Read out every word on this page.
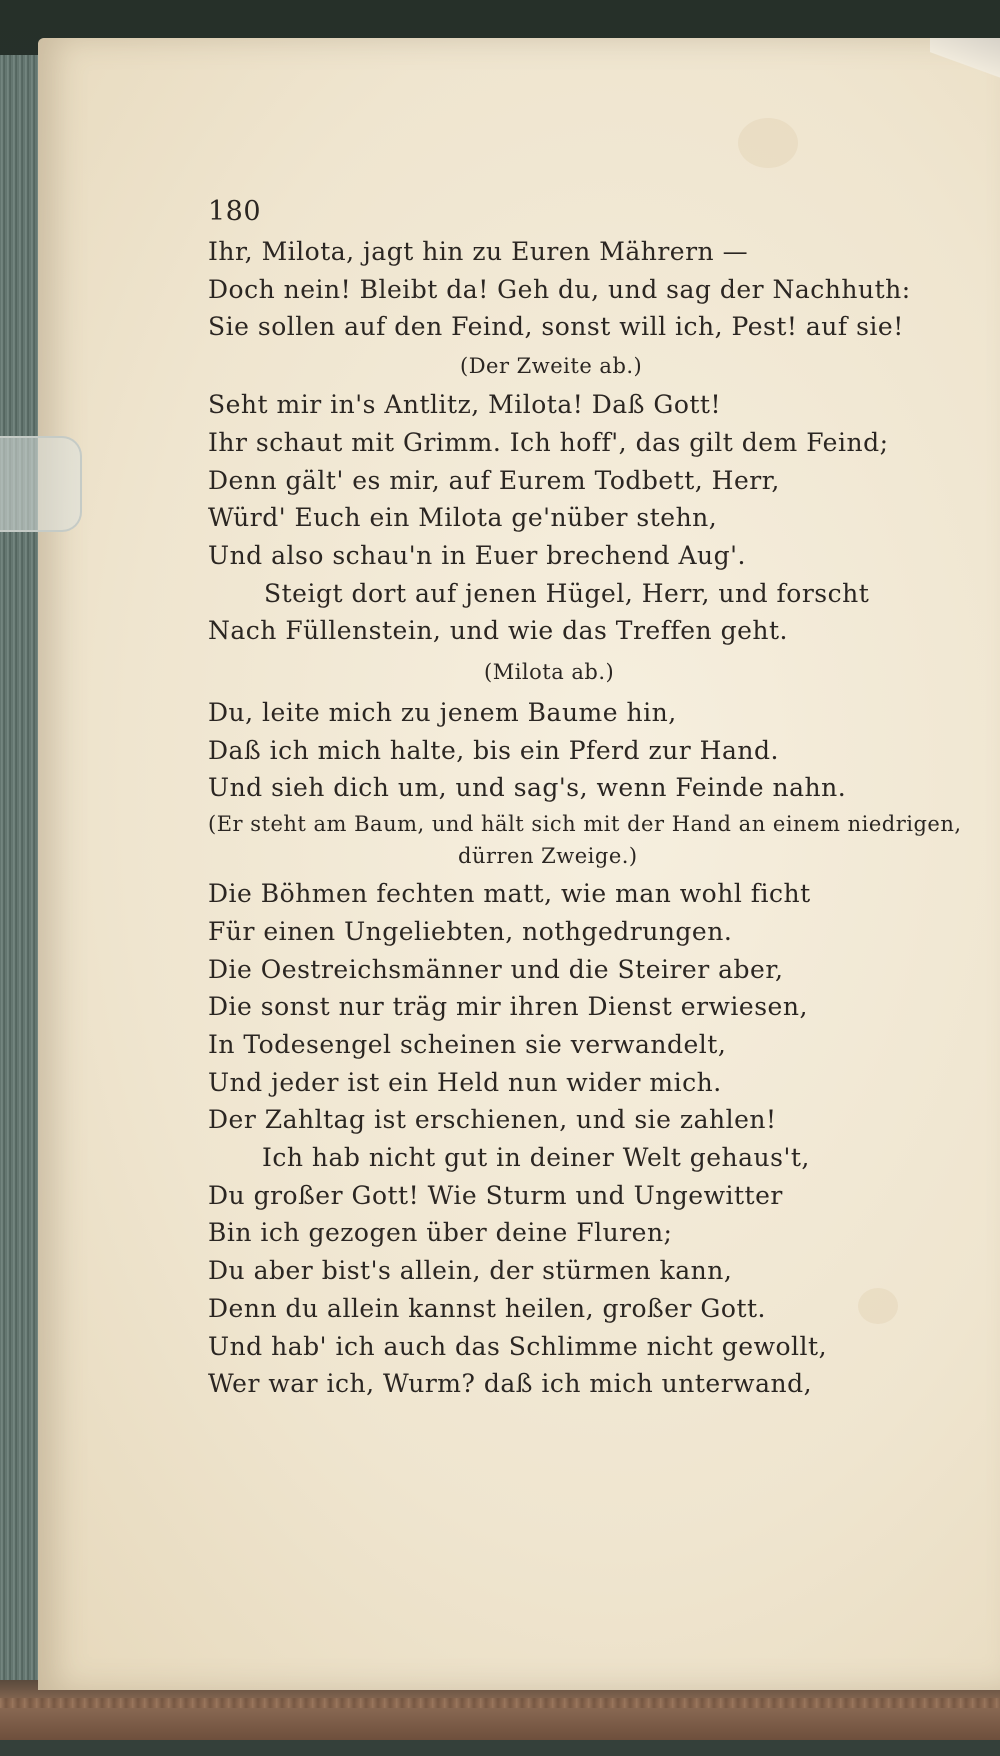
180
Ihr, Milota, jagt hin zu Euren Mährern —
Doch nein! Bleibt da! Geh du, und sag der Nachhuth:
Sie sollen auf den Feind, sonst will ich, Pest! auf sie!
(Der Zweite ab.)
Seht mir in's Antlitz, Milota! Daß Gott!
Ihr schaut mit Grimm. Ich hoff', das gilt dem Feind;
Denn gält' es mir, auf Eurem Todbett, Herr,
Würd' Euch ein Milota ge'nüber stehn,
Und also schau'n in Euer brechend Aug'.
Steigt dort auf jenen Hügel, Herr, und forscht
Nach Füllenstein, und wie das Treffen geht.
(Milota ab.)
Du, leite mich zu jenem Baume hin,
Daß ich mich halte, bis ein Pferd zur Hand.
Und sieh dich um, und sag's, wenn Feinde nahn.
(Er steht am Baum, und hält sich mit der Hand an einem niedrigen,
dürren Zweige.)
Die Böhmen fechten matt, wie man wohl ficht
Für einen Ungeliebten, nothgedrungen.
Die Oestreichsmänner und die Steirer aber,
Die sonst nur träg mir ihren Dienst erwiesen,
In Todesengel scheinen sie verwandelt,
Und jeder ist ein Held nun wider mich.
Der Zahltag ist erschienen, und sie zahlen!
Ich hab nicht gut in deiner Welt gehaus't,
Du großer Gott! Wie Sturm und Ungewitter
Bin ich gezogen über deine Fluren;
Du aber bist's allein, der stürmen kann,
Denn du allein kannst heilen, großer Gott.
Und hab' ich auch das Schlimme nicht gewollt,
Wer war ich, Wurm? daß ich mich unterwand,
